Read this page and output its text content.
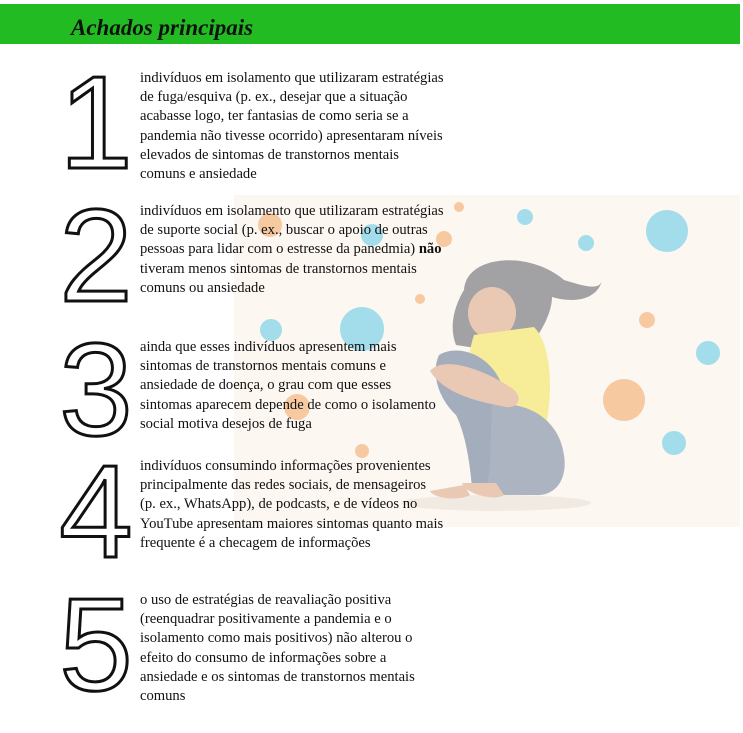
Achados principais
1 indivíduos em isolamento que utilizaram estratégias de fuga/esquiva (p. ex., desejar que a situação acabasse logo, ter fantasias de como seria se a pandemia não tivesse ocorrido) apresentaram níveis elevados de sintomas de transtornos mentais comuns e ansiedade

2 indivíduos em isolamento que utilizaram estratégias de suporte social (p. ex., buscar o apoio de outras pessoas para lidar com o estresse da panedmia) não tiveram menos sintomas de transtornos mentais comuns ou ansiedade

3 ainda que esses indivíduos apresentem mais sintomas de transtornos mentais comuns e ansiedade de doença, o grau com que esses sintomas aparecem depende de como o isolamento social motiva desejos de fuga

4 indivíduos consumindo informações provenientes principalmente das redes sociais, de mensageiros (p. ex., WhatsApp), de podcasts, e de vídeos no YouTube apresentam maiores sintomas quanto mais frequente é a checagem de informações

5 o uso de estratégias de reavaliação positiva (reenquadrar positivamente a pandemia e o isolamento como mais positivos) não alterou o efeito do consumo de informações sobre a ansiedade e os sintomas de transtornos mentais comuns
